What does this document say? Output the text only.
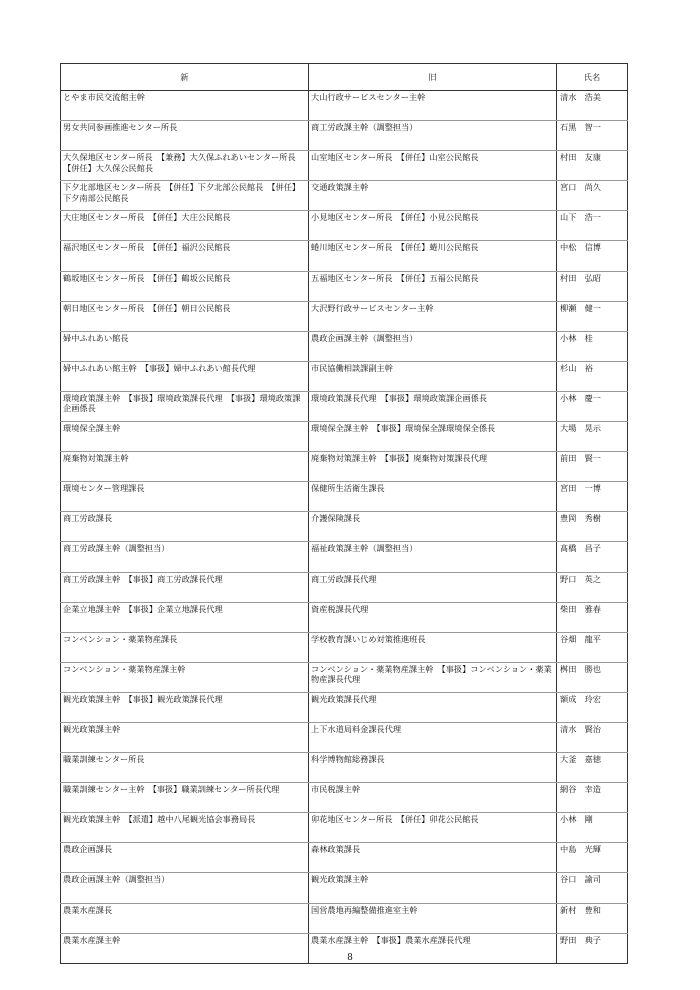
新	旧	氏名
とやま市民交流館主幹	大山行政サービスセンター主幹	清水　浩美
男女共同参画推進センター所長	商工労政課主幹（調整担当）	石黒　智一
大久保地区センター所長　【兼務】大久保ふれあいセンター所長　【併任】大久保公民館長	山室地区センター所長　【併任】山室公民館長	村田　友康
下夕北部地区センター所長　【併任】下夕北部公民館長　【併任】下夕南部公民館長	交通政策課主幹	宮口　尚久
大庄地区センター所長　【併任】大庄公民館長	小見地区センター所長　【併任】小見公民館長	山下　浩一
福沢地区センター所長　【併任】福沢公民館長	蜷川地区センター所長　【併任】蜷川公民館長	中松　信博
鶴坂地区センター所長　【併任】鶴坂公民館長	五福地区センター所長　【併任】五福公民館長	村田　弘昭
朝日地区センター所長　【併任】朝日公民館長	大沢野行政サービスセンター主幹	柳瀬　健一
婦中ふれあい館長	農政企画課主幹（調整担当）	小林　桂
婦中ふれあい館主幹　【事扱】婦中ふれあい館長代理	市民協働相談課副主幹	杉山　裕
環境政策課主幹　【事扱】環境政策課長代理　【事扱】環境政策課企画係長	環境政策課長代理　【事扱】環境政策課企画係長	小林　慶一
環境保全課主幹	環境保全課主幹　【事扱】環境保全課環境保全係長	大場　晃示
廃棄物対策課主幹	廃棄物対策課主幹　【事扱】廃棄物対策課長代理	前田　賢一
環境センター管理課長	保健所生活衛生課長	宮田　一博
商工労政課長	介護保険課長	豊岡　秀樹
商工労政課主幹（調整担当）	福祉政策課主幹（調整担当）	髙橋　昌子
商工労政課主幹　【事扱】商工労政課長代理	商工労政課長代理	野口　英之
企業立地課主幹　【事扱】企業立地課長代理	資産税課長代理	柴田　雅春
コンベンション・薬業物産課長	学校教育課いじめ対策推進班長	谷畑　龍平
コンベンション・薬業物産課主幹	コンベンション・薬業物産課主幹　【事扱】コンベンション・薬業物産課長代理	桝田　勝也
観光政策課主幹　【事扱】観光政策課長代理	観光政策課長代理	額成　玲宏
観光政策課主幹	上下水道局料金課長代理	清水　賢治
職業訓練センター所長	科学博物館総務課長	大釜　嘉徳
職業訓練センター主幹　【事扱】職業訓練センター所長代理	市民税課主幹	網谷　幸造
観光政策課主幹　【派遣】越中八尾観光協会事務局長	卯花地区センター所長　【併任】卯花公民館長	小林　剛
農政企画課長	森林政策課長	中島　光輝
農政企画課主幹（調整担当）	観光政策課主幹	谷口　諭司
農業水産課長	国営農地再編整備推進室主幹	新村　豊和
農業水産課主幹	農業水産課主幹　【事扱】農業水産課長代理	野田　典子
8
